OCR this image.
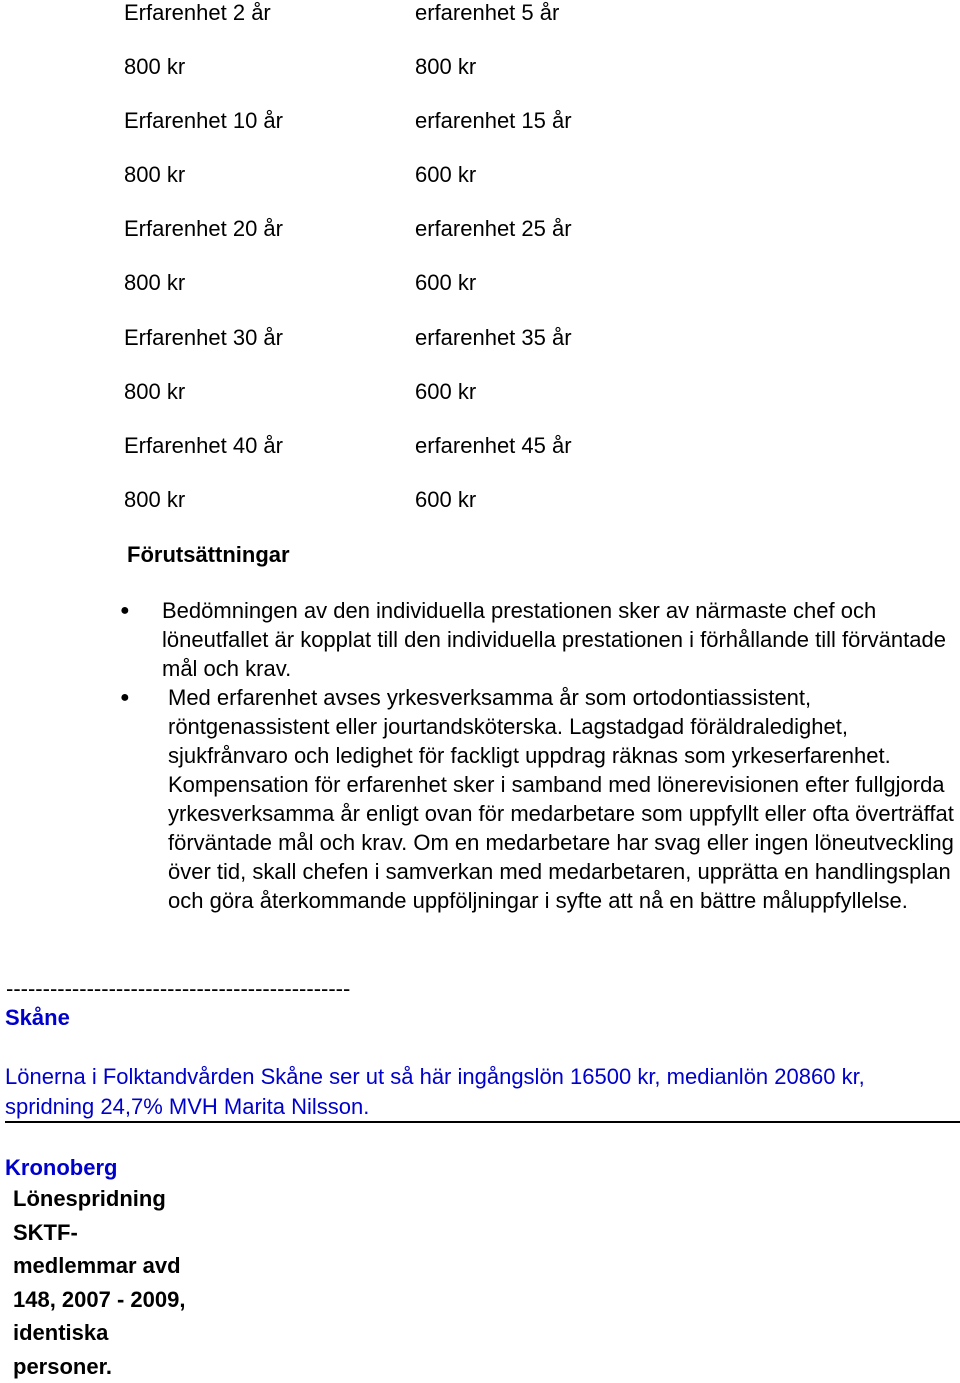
Erfarenhet 2 år	erfarenhet 5 år
800 kr	800 kr
Erfarenhet 10 år	erfarenhet 15 år
800 kr	600 kr
Erfarenhet 20 år	erfarenhet 25 år
800 kr	600 kr
Erfarenhet 30 år	erfarenhet 35 år
800 kr	600 kr
Erfarenhet 40 år	erfarenhet 45 år
800 kr	600 kr
Förutsättningar
● Bedömningen av den individuella prestationen sker av närmaste chef och löneutfallet är kopplat till den individuella prestationen i förhållande till förväntade mål och krav.
● Med erfarenhet avses yrkesverksamma år som ortodontiassistent, röntgenassistent eller jourtandsköterska. Lagstadgad föräldraledighet, sjukfrånvaro och ledighet för fackligt uppdrag räknas som yrkeserfarenhet. Kompensation för erfarenhet sker i samband med lönerevisionen efter fullgjorda yrkesverksamma år enligt ovan för medarbetare som uppfyllt eller ofta överträffat förväntade mål och krav. Om en medarbetare har svag eller ingen löneutveckling över tid, skall chefen i samverkan med medarbetaren, upprätta en handlingsplan och göra återkommande uppföljningar i syfte att nå en bättre måluppfyllelse.
-----------------------------------------------
Skåne
Lönerna i Folktandvården Skåne ser ut så här ingångslön 16500 kr, medianlön 20860 kr, spridning 24,7% MVH Marita Nilsson.
Kronoberg
Lönespridning
SKTF-
medlemmar avd
148, 2007 - 2009,
identiska
personer.
